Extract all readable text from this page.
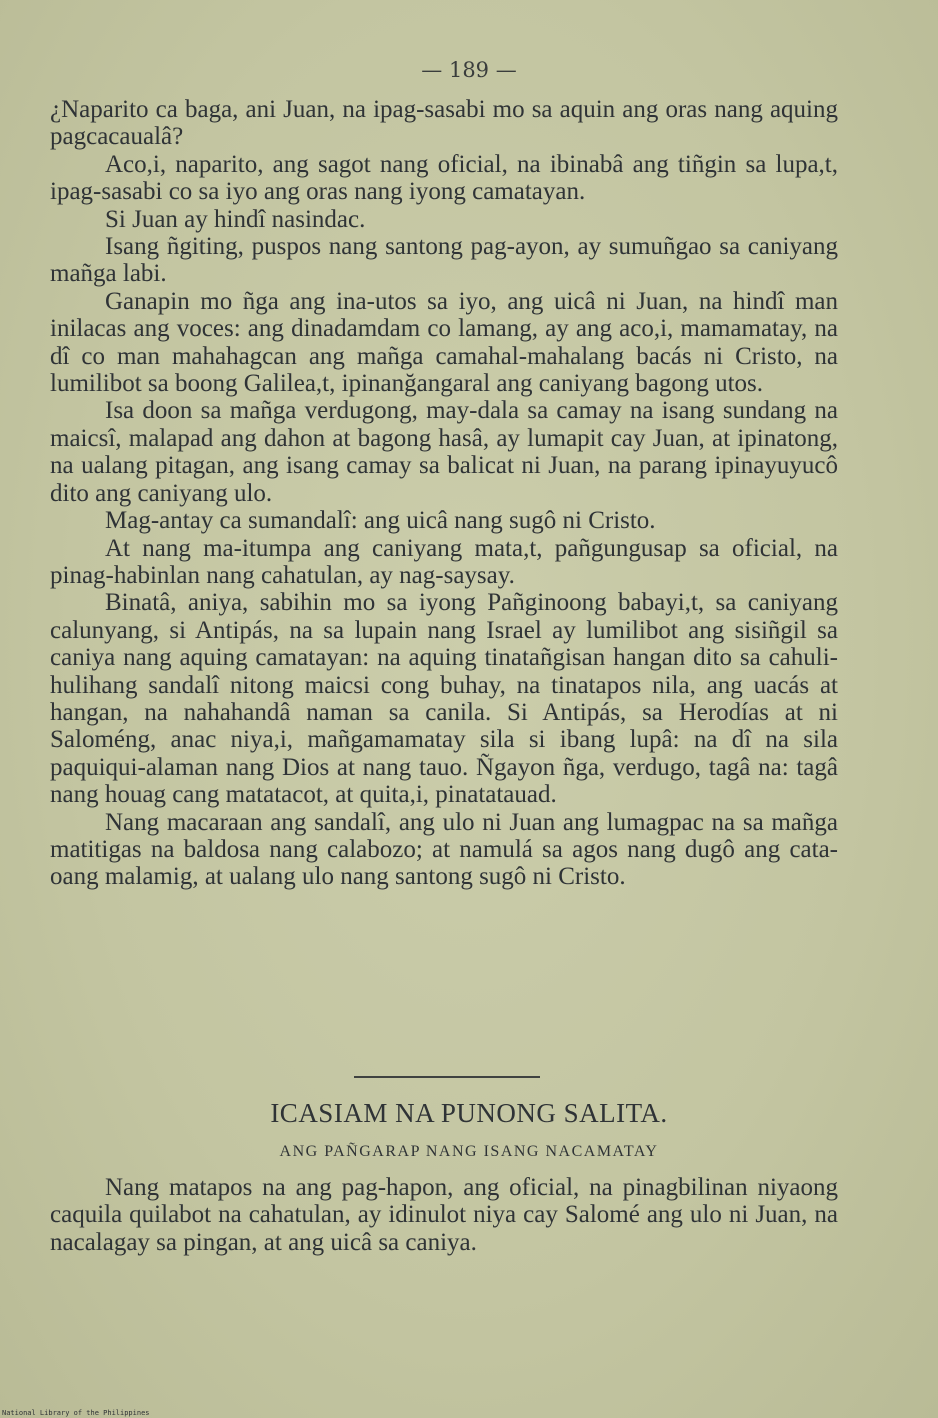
— 189 —

¿Naparito ca baga, ani Juan, na ipag-sasabi mo sa aquin ang oras nang aquing pagcacaualâ?

Aco,i, naparito, ang sagot nang oficial, na ibinabâ ang tiñgin sa lupa,t, ipag-sasabi co sa iyo ang oras nang iyong camatayan.

Si Juan ay hindî nasindac.

Isang ñgiting, puspos nang santong pag-ayon, ay sumuñgao sa caniyang mañga labi.

Ganapin mo ñga ang ina-utos sa iyo, ang uicâ ni Juan, na hindî man inilacas ang voces: ang dinadamdam co lamang, ay ang aco,i, mamamatay, na dî co man mahahagcan ang mañga camahal-mahalang bacás ni Cristo, na lumilibot sa boong Galilea,t, ipinanğangaral ang caniyang bagong utos.

Isa doon sa mañga verdugong, may-dala sa camay na isang sundang na maicsî, malapad ang dahon at bagong hasâ, ay lumapit cay Juan, at ipinatong, na ualang pitagan, ang isang camay sa balicat ni Juan, na parang ipinayuyucô dito ang caniyang ulo.

Mag-antay ca sumandalî: ang uicâ nang sugô ni Cristo.

At nang ma-itumpa ang caniyang mata,t, pañgungusap sa oficial, na pinag-habinlan nang cahatulan, ay nag-saysay.

Binatâ, aniya, sabihin mo sa iyong Pañginoong babayi,t, sa caniyang calunyang, si Antipás, na sa lupain nang Israel ay lumilibot ang sisiñgil sa caniya nang aquing camatayan: na aquing tinatañgisan hangan dito sa cahuli-hulihang sandalî nitong maicsi cong buhay, na tinatapos nila, ang uacás at hangan, na nahahandâ naman sa canila. Si Antipás, sa Herodías at ni Saloméng, anac niya,i, mañgamamatay sila si ibang lupâ: na dî na sila paquiqui-alaman nang Dios at nang tauo. Ñgayon ñga, verdugo, tagâ na: tagâ nang houag cang matatacot, at quita,i, pinatatauad.

Nang macaraan ang sandalî, ang ulo ni Juan ang lumagpac na sa mañga matitigas na baldosa nang calabozo; at namulá sa agos nang dugô ang cata-oang malamig, at ualang ulo nang santong sugô ni Cristo.

ICASIAM NA PUNONG SALITA.
ANG PAÑGARAP NANG ISANG NACAMATAY

Nang matapos na ang pag-hapon, ang oficial, na pinagbilinan niyaong caquila quilabot na cahatulan, ay idinulot niya cay Salomé ang ulo ni Juan, na nacalagay sa pingan, at ang uicâ sa caniya.

National Library of the Philippines
